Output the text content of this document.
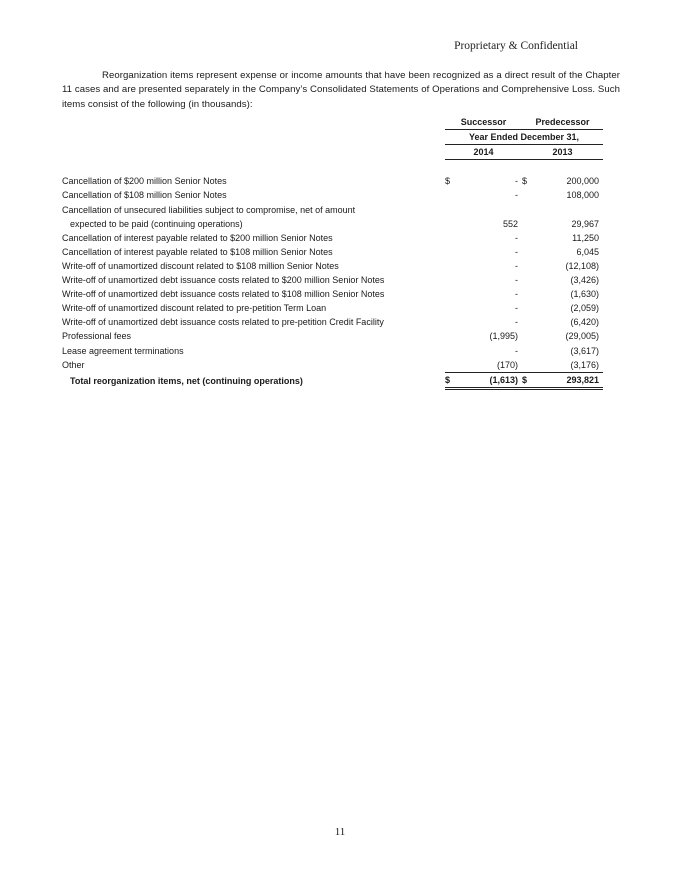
Proprietary & Confidential

Reorganization items represent expense or income amounts that have been recognized as a direct result of the Chapter 11 cases and are presented separately in the Company’s Consolidated Statements of Operations and Comprehensive Loss. Such items consist of the following (in thousands):

	Successor		Predecessor	
	Year Ended December 31,			
	2014		2013	

Cancellation of $200 million Senior Notes	$	-	$	200,000
Cancellation of $108 million Senior Notes		-		108,000
Cancellation of unsecured liabilities subject to compromise, net of amount				
expected to be paid (continuing operations)		552		29,967
Cancellation of interest payable related to $200 million Senior Notes		-		11,250
Cancellation of interest payable related to $108 million Senior Notes		-		6,045
Write-off of unamortized discount related to $108 million Senior Notes		-		(12,108)
Write-off of unamortized debt issuance costs related to $200 million Senior Notes		-		(3,426)
Write-off of unamortized debt issuance costs related to $108 million Senior Notes		-		(1,630)
Write-off of unamortized discount related to pre-petition Term Loan		-		(2,059)
Write-off of unamortized debt issuance costs related to pre-petition Credit Facility		-		(6,420)
Professional fees		(1,995)		(29,005)
Lease agreement terminations		-		(3,617)
Other		(170)		(3,176)
Total reorganization items, net (continuing operations)	$	(1,613)	$	293,821
11
